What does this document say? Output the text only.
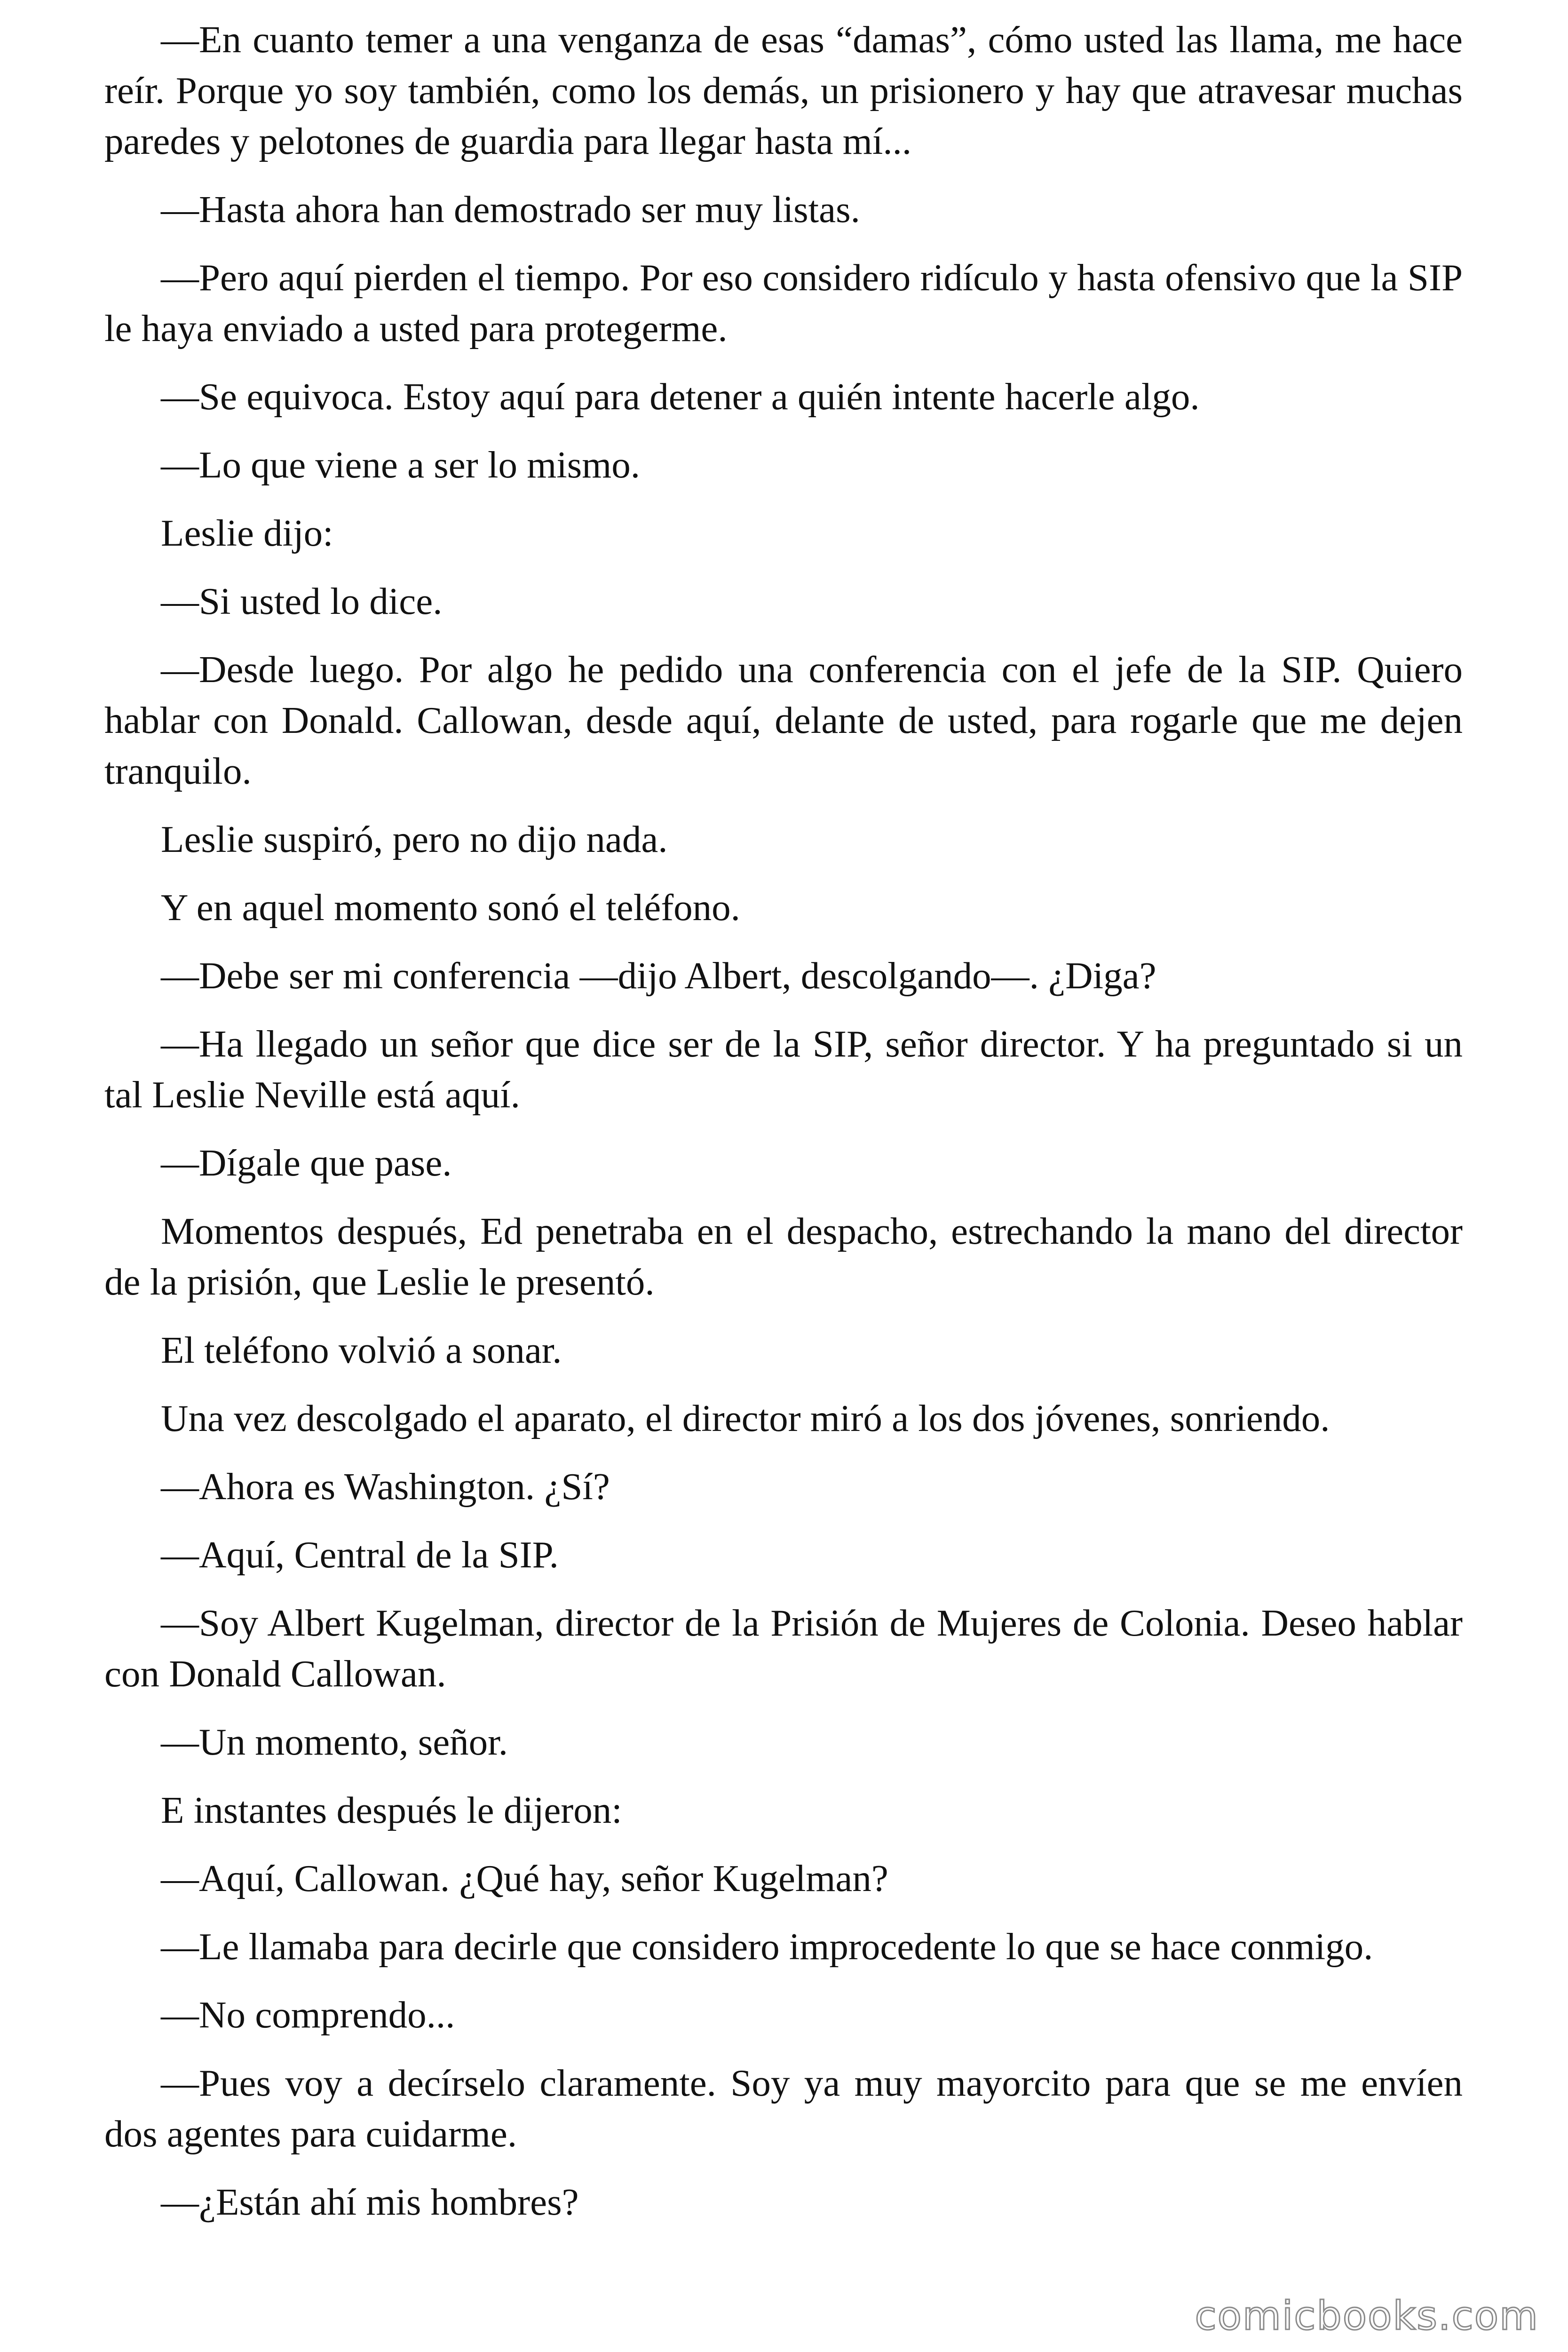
—En cuanto temer a una venganza de esas “damas”, cómo usted las llama, me hace reír. Porque yo soy también, como los demás, un prisionero y hay que atravesar muchas paredes y pelotones de guardia para llegar hasta mí...

—Hasta ahora han demostrado ser muy listas.

—Pero aquí pierden el tiempo. Por eso considero ridículo y hasta ofensivo que la SIP le haya enviado a usted para protegerme.

—Se equivoca. Estoy aquí para detener a quién intente hacerle algo.

—Lo que viene a ser lo mismo.

Leslie dijo:

—Si usted lo dice.

—Desde luego. Por algo he pedido una conferencia con el jefe de la SIP. Quiero hablar con Donald. Callowan, desde aquí, delante de usted, para rogarle que me dejen tranquilo.

Leslie suspiró, pero no dijo nada.

Y en aquel momento sonó el teléfono.

—Debe ser mi conferencia —dijo Albert, descolgando—. ¿Diga?

—Ha llegado un señor que dice ser de la SIP, señor director. Y ha preguntado si un tal Leslie Neville está aquí.

—Dígale que pase.

Momentos después, Ed penetraba en el despacho, estrechando la mano del director de la prisión, que Leslie le presentó.

El teléfono volvió a sonar.

Una vez descolgado el aparato, el director miró a los dos jóvenes, sonriendo.

—Ahora es Washington. ¿Sí?

—Aquí, Central de la SIP.

—Soy Albert Kugelman, director de la Prisión de Mujeres de Colonia. Deseo hablar con Donald Callowan.

—Un momento, señor.

E instantes después le dijeron:

—Aquí, Callowan. ¿Qué hay, señor Kugelman?

—Le llamaba para decirle que considero improcedente lo que se hace conmigo.

—No comprendo...

—Pues voy a decírselo claramente. Soy ya muy mayorcito para que se me envíen dos agentes para cuidarme.

—¿Están ahí mis hombres?

comicbooks.com
